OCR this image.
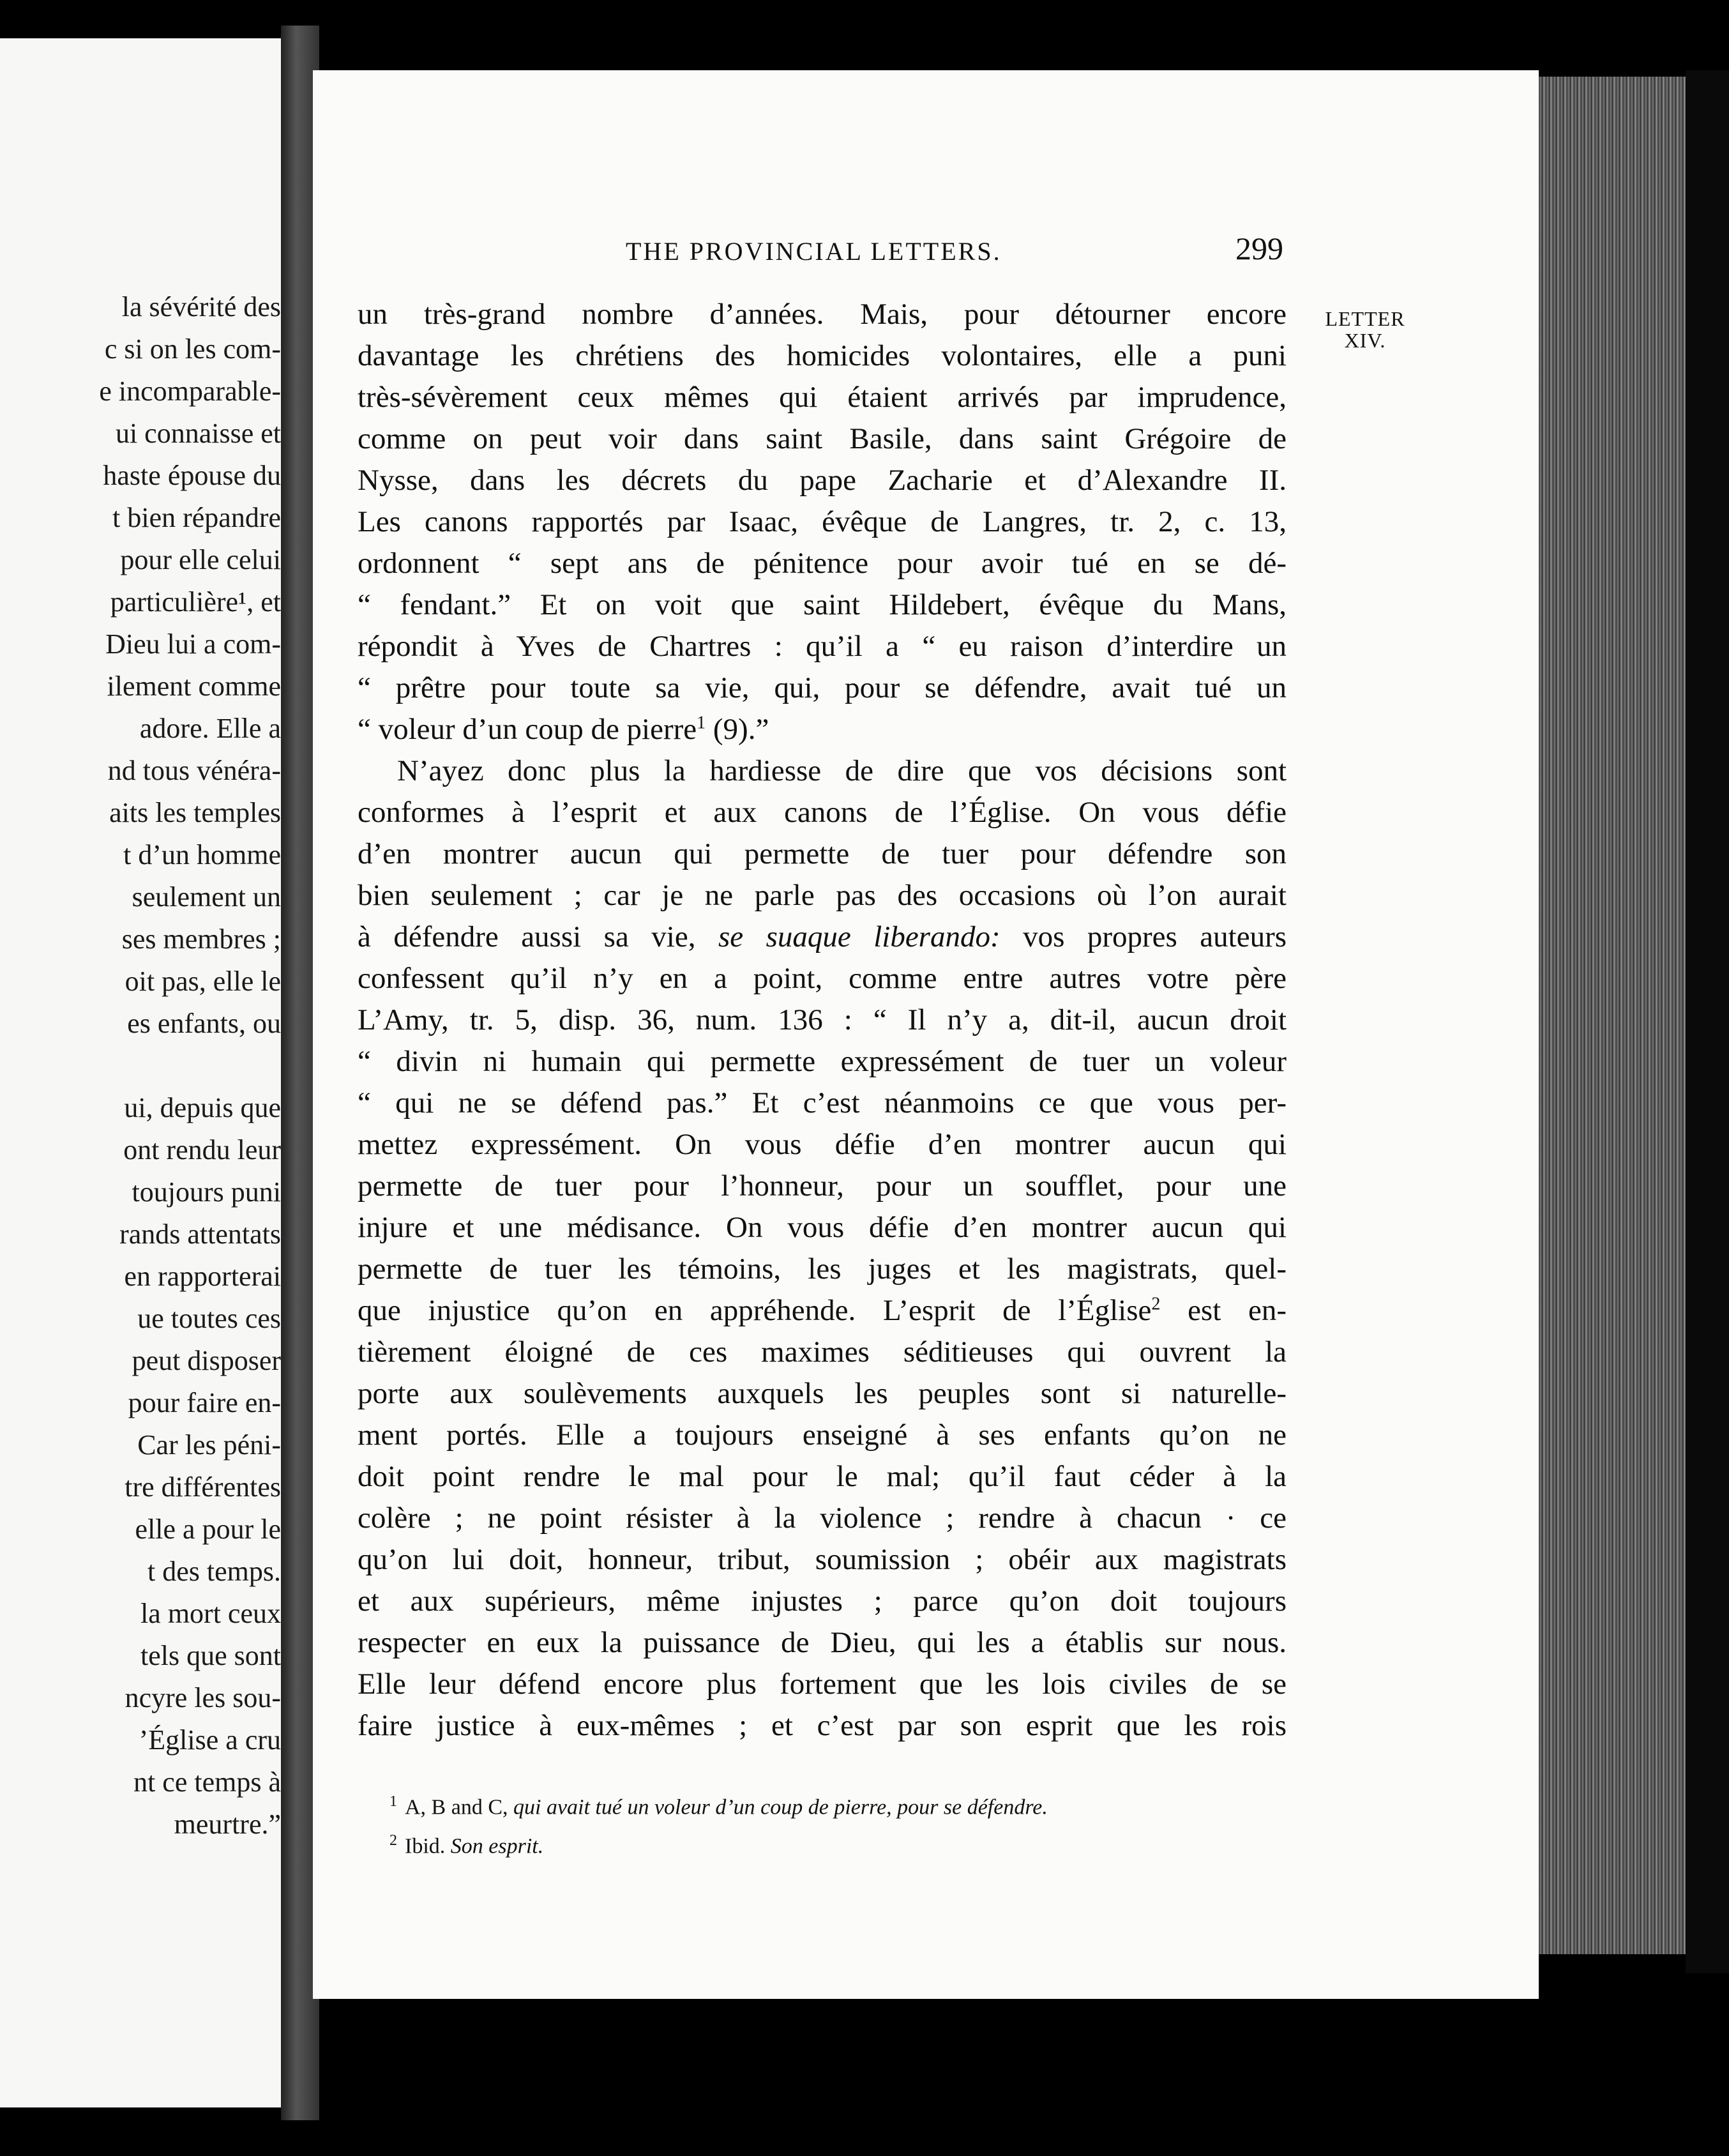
la sévérité des
c si on les com-
e incomparable-
ui connaisse et
haste épouse du
t bien répandre
pour elle celui
particulière¹, et
Dieu lui a com-
ilement comme
adore. Elle a
nd tous vénéra-
aits les temples
t d’un homme
seulement un
ses membres ;
oit pas, elle le
es enfants, ou
ui, depuis que
ont rendu leur
toujours puni
rands attentats
en rapporterai
ue toutes ces
peut disposer
pour faire en-
Car les péni-
tre différentes
elle a pour le
t des temps.
la mort ceux
tels que sont
ncyre les sou-
’Église a cru
nt ce temps à
meurtre.”
THE PROVINCIAL LETTERS.	299
LETTER
XIV.
un très-grand nombre d’années. Mais, pour détourner encore
davantage les chrétiens des homicides volontaires, elle a puni
très-sévèrement ceux mêmes qui étaient arrivés par imprudence,
comme on peut voir dans saint Basile, dans saint Grégoire de
Nysse, dans les décrets du pape Zacharie et d’Alexandre II.
Les canons rapportés par Isaac, évêque de Langres, tr. 2, c. 13,
ordonnent “ sept ans de pénitence pour avoir tué en se dé-
“ fendant.” Et on voit que saint Hildebert, évêque du Mans,
répondit à Yves de Chartres : qu’il a “ eu raison d’interdire un
“ prêtre pour toute sa vie, qui, pour se défendre, avait tué un
“ voleur d’un coup de pierre$^1$ (9).”
N’ayez donc plus la hardiesse de dire que vos décisions sont
conformes à l’esprit et aux canons de l’Église. On vous défie
d’en montrer aucun qui permette de tuer pour défendre son
bien seulement ; car je ne parle pas des occasions où l’on aurait
à défendre aussi sa vie, se suaque liberando: vos propres auteurs
confessent qu’il n’y en a point, comme entre autres votre père
L’Amy, tr. 5, disp. 36, num. 136 : “ Il n’y a, dit-il, aucun droit
“ divin ni humain qui permette expressément de tuer un voleur
“ qui ne se défend pas.” Et c’est néanmoins ce que vous per-
mettez expressément. On vous défie d’en montrer aucun qui
permette de tuer pour l’honneur, pour un soufflet, pour une
injure et une médisance. On vous défie d’en montrer aucun qui
permette de tuer les témoins, les juges et les magistrats, quel-
que injustice qu’on en appréhende. L’esprit de l’Église$^2$ est en-
tièrement éloigné de ces maximes séditieuses qui ouvrent la
porte aux soulèvements auxquels les peuples sont si naturelle-
ment portés. Elle a toujours enseigné à ses enfants qu’on ne
doit point rendre le mal pour le mal; qu’il faut céder à la
colère ; ne point résister à la violence ; rendre à chacun · ce
qu’on lui doit, honneur, tribut, soumission ; obéir aux magistrats
et aux supérieurs, même injustes ; parce qu’on doit toujours
respecter en eux la puissance de Dieu, qui les a établis sur nous.
Elle leur défend encore plus fortement que les lois civiles de se
faire justice à eux-mêmes ; et c’est par son esprit que les rois
$^1$ A, B and C, qui avait tué un voleur d’un coup de pierre, pour se défendre.
$^2$ Ibid. Son esprit.
